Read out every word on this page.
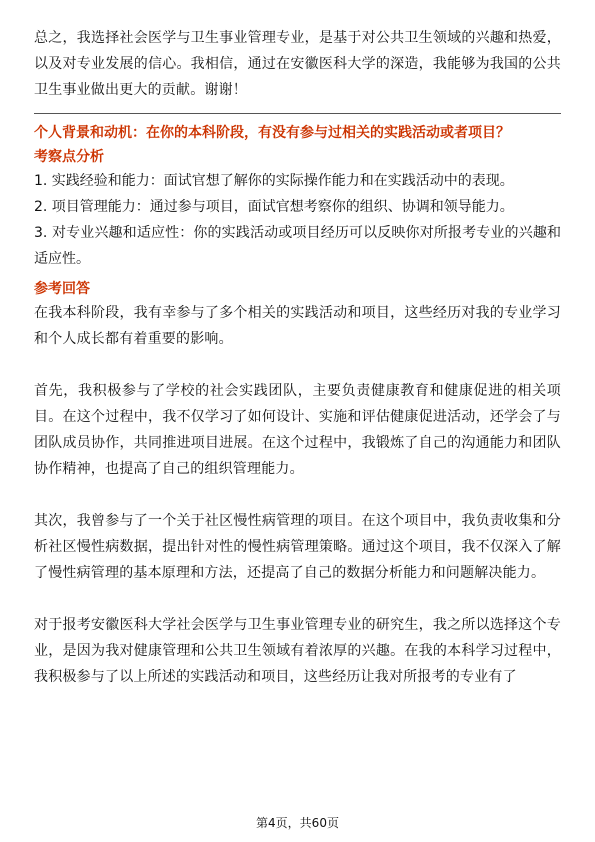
总之，我选择社会医学与卫生事业管理专业，是基于对公共卫生领域的兴趣和热爱，以及对专业发展的信心。我相信，通过在安徽医科大学的深造，我能够为我国的公共卫生事业做出更大的贡献。谢谢！

个人背景和动机：在你的本科阶段，有没有参与过相关的实践活动或者项目？

考察点分析

1. 实践经验和能力：面试官想了解你的实际操作能力和在实践活动中的表现。
2. 项目管理能力：通过参与项目，面试官想考察你的组织、协调和领导能力。
3. 对专业兴趣和适应性：你的实践活动或项目经历可以反映你对所报考专业的兴趣和适应性。

参考回答

在我本科阶段，我有幸参与了多个相关的实践活动和项目，这些经历对我的专业学习和个人成长都有着重要的影响。

首先，我积极参与了学校的社会实践团队，主要负责健康教育和健康促进的相关项目。在这个过程中，我不仅学习了如何设计、实施和评估健康促进活动，还学会了与团队成员协作，共同推进项目进展。在这个过程中，我锻炼了自己的沟通能力和团队协作精神，也提高了自己的组织管理能力。

其次，我曾参与了一个关于社区慢性病管理的项目。在这个项目中，我负责收集和分析社区慢性病数据，提出针对性的慢性病管理策略。通过这个项目，我不仅深入了解了慢性病管理的基本原理和方法，还提高了自己的数据分析能力和问题解决能力。

对于报考安徽医科大学社会医学与卫生事业管理专业的研究生，我之所以选择这个专业，是因为我对健康管理和公共卫生领域有着浓厚的兴趣。在我的本科学习过程中，我积极参与了以上所述的实践活动和项目，这些经历让我对所报考的专业有了

第4页，共60页
